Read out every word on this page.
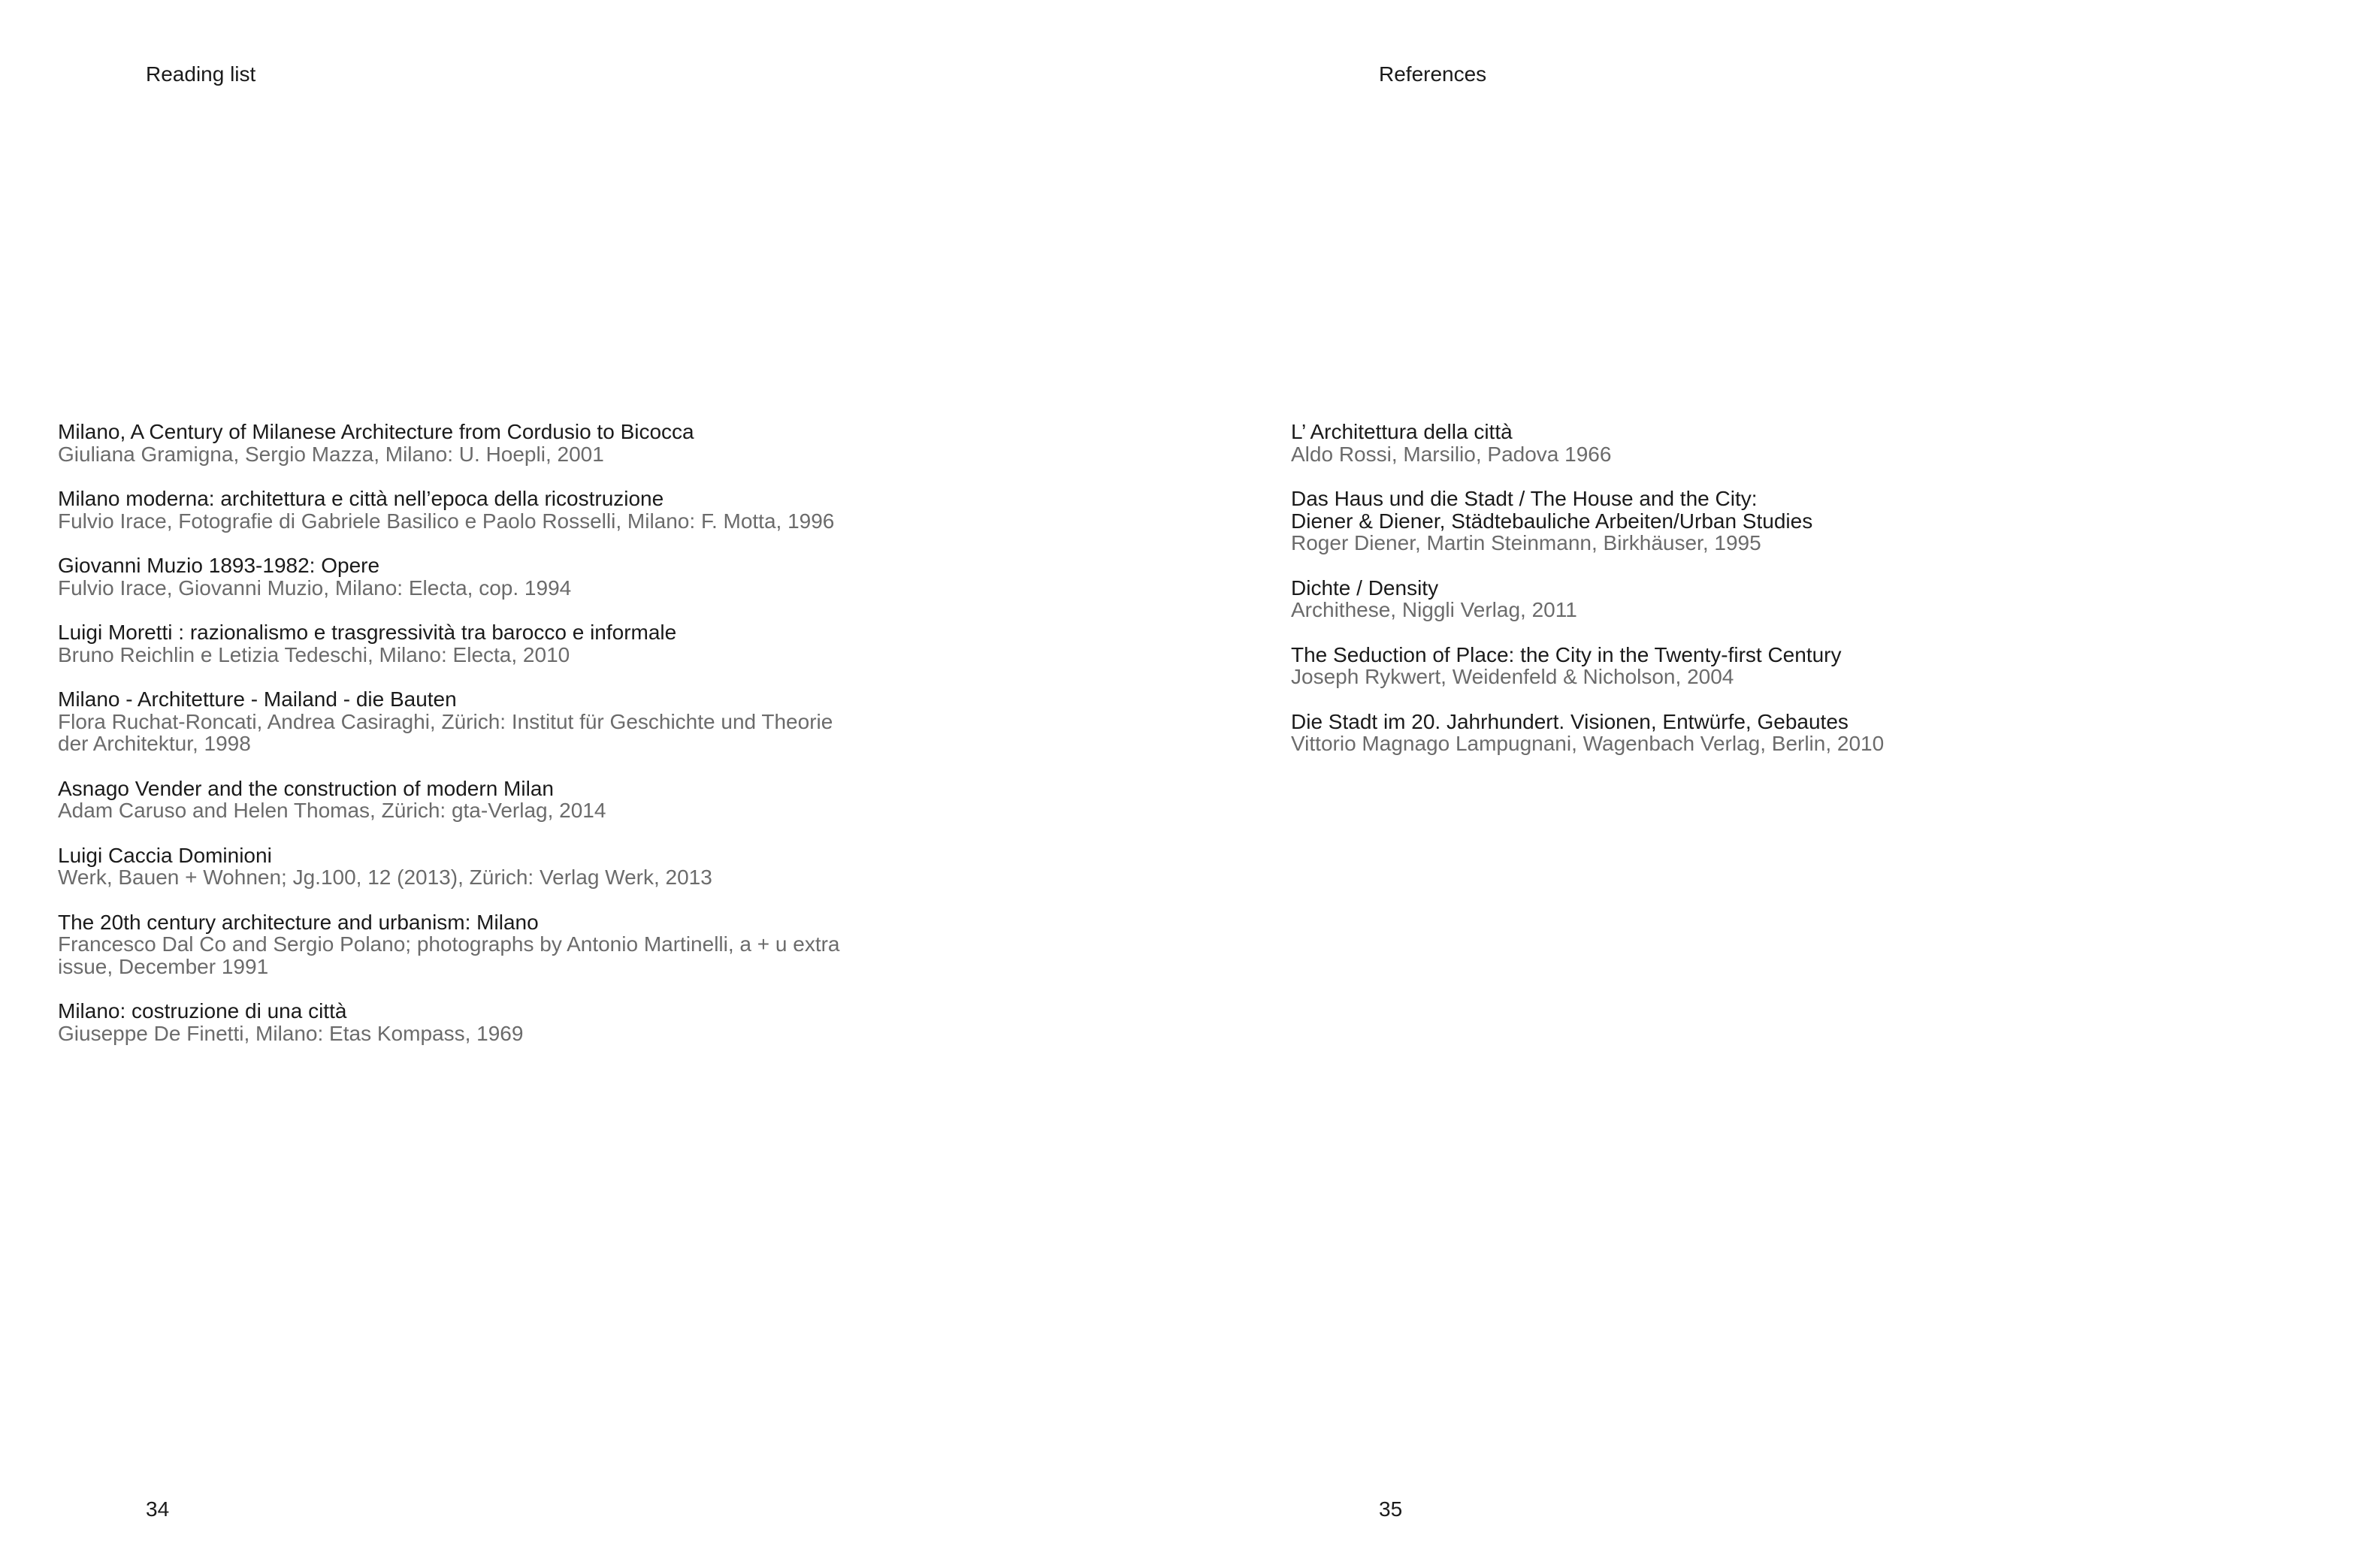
Reading list
Milano, A Century of Milanese Architecture from Cordusio to Bicocca
Giuliana Gramigna, Sergio Mazza, Milano: U. Hoepli, 2001
Milano moderna: architettura e città nell’epoca della ricostruzione
Fulvio Irace, Fotografie di Gabriele Basilico e Paolo Rosselli, Milano: F. Motta, 1996
Giovanni Muzio 1893-1982: Opere
Fulvio Irace, Giovanni Muzio, Milano: Electa, cop. 1994
Luigi Moretti : razionalismo e trasgressività tra barocco e informale
Bruno Reichlin e Letizia Tedeschi, Milano: Electa, 2010
Milano - Architetture - Mailand - die Bauten
Flora Ruchat-Roncati, Andrea Casiraghi, Zürich: Institut für Geschichte und Theorie
der Architektur, 1998
Asnago Vender and the construction of modern Milan
Adam Caruso and Helen Thomas, Zürich: gta-Verlag, 2014
Luigi Caccia Dominioni
Werk, Bauen + Wohnen; Jg.100, 12 (2013), Zürich: Verlag Werk, 2013
The 20th century architecture and urbanism: Milano
Francesco Dal Co and Sergio Polano; photographs by Antonio Martinelli, a + u extra
issue, December 1991
Milano: costruzione di una città
Giuseppe De Finetti, Milano: Etas Kompass, 1969
34
References
L’ Architettura della città
Aldo Rossi, Marsilio, Padova 1966
Das Haus und die Stadt / The House and the City:
Diener & Diener, Städtebauliche Arbeiten/Urban Studies
Roger Diener, Martin Steinmann, Birkhäuser, 1995
Dichte / Density
Archithese, Niggli Verlag, 2011
The Seduction of Place: the City in the Twenty-first Century
Joseph Rykwert, Weidenfeld & Nicholson, 2004
Die Stadt im 20. Jahrhundert. Visionen, Entwürfe, Gebautes
Vittorio Magnago Lampugnani, Wagenbach Verlag, Berlin, 2010
35
